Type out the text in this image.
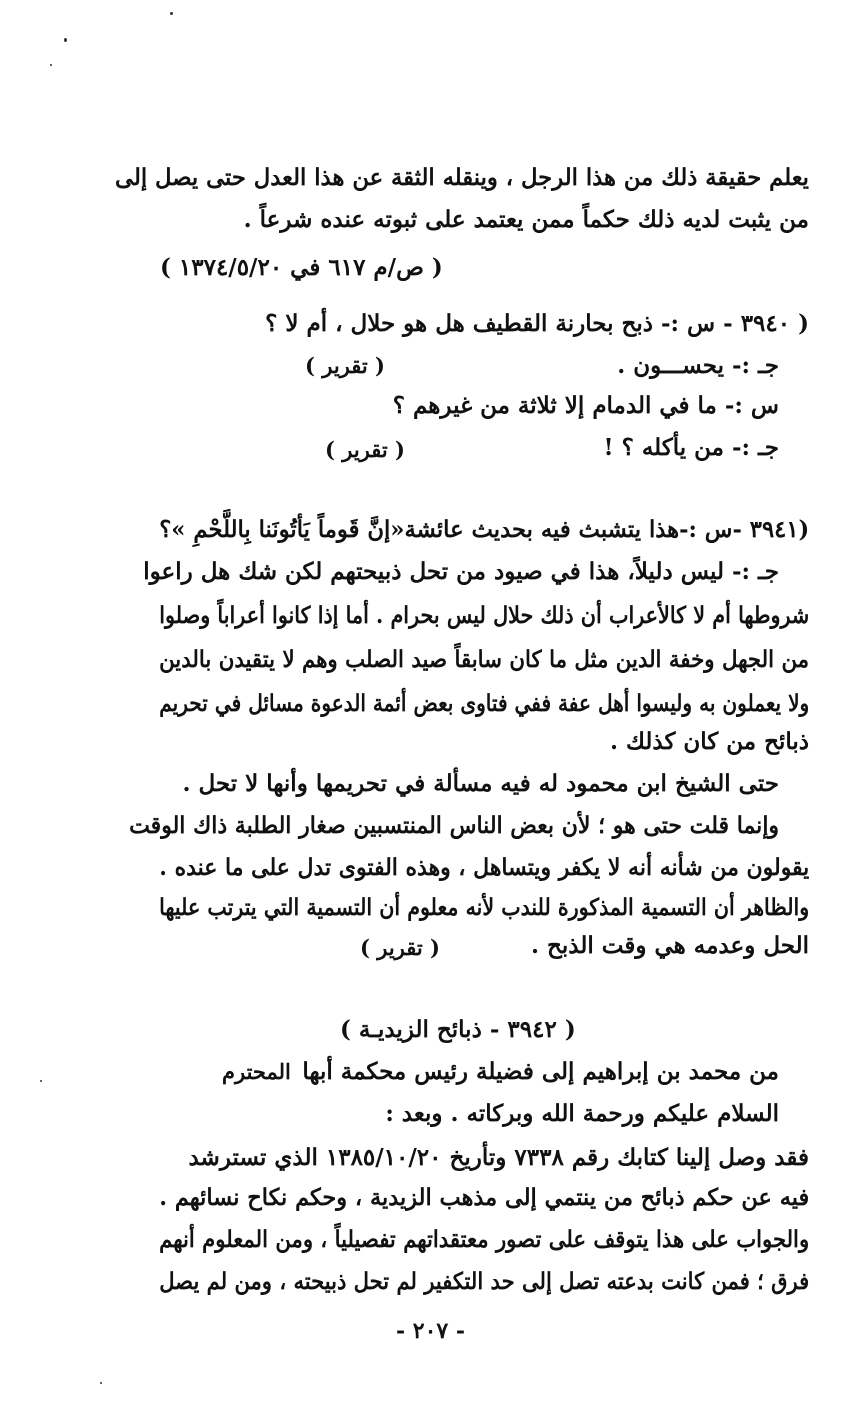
يعلم حقيقة ذلك من هذا الرجل ، وينقله الثقة عن هذا العدل حتى يصل إلى
من يثبت لديه ذلك حكماً ممن يعتمد على ثبوته عنده شرعاً .
( ص/م ٦١٧ في ١٣٧٤/٥/٢٠ )
( ٣٩٤٠ - س :- ذبح بحارنة القطيف هل هو حلال ، أم لا ؟
جـ :- يحســـون .
( تقرير )
س :- ما في الدمام إلا ثلاثة من غيرهم ؟
جـ :- من يأكله ؟ !
( تقرير )
(٣٩٤١ -س :-هذا يتشبث فيه بحديث عائشة«إنَّ قَوماً يَأتُونَنا بِاللَّحْمِ »؟
جـ :- ليس دليلاً، هذا في صيود من تحل ذبيحتهم لكن شك هل راعوا
شروطها أم لا كالأعراب أن ذلك حلال ليس بحرام . أما إذا كانوا أعراباً وصلوا
من الجهل وخفة الدين مثل ما كان سابقاً صيد الصلب وهم لا يتقيدن بالدين
ولا يعملون به وليسوا أهل عفة ففي فتاوى بعض أئمة الدعوة مسائل في تحريم
ذبائح من كان كذلك .
حتى الشيخ ابن محمود له فيه مسألة في تحريمها وأنها لا تحل .
وإنما قلت حتى هو ؛ لأن بعض الناس المنتسبين صغار الطلبة ذاك الوقت
يقولون من شأنه أنه لا يكفر ويتساهل ، وهذه الفتوى تدل على ما عنده .
والظاهر أن التسمية المذكورة للندب لأنه معلوم أن التسمية التي يترتب عليها
الحل وعدمه هي وقت الذبح .
( تقرير )
( ٣٩٤٢ - ذبائح الزيديـة )
من محمد بن إبراهيم إلى فضيلة رئيس محكمة أبها
المحترم
السلام عليكم ورحمة الله وبركاته . وبعد :
فقد وصل إلينا كتابك رقم ٧٣٣٨ وتأريخ ١٣٨٥/١٠/٢٠ الذي تسترشد
فيه عن حكم ذبائح من ينتمي إلى مذهب الزيدية ، وحكم نكاح نسائهم .
والجواب على هذا يتوقف على تصور معتقداتهم تفصيلياً ، ومن المعلوم أنهم
فرق ؛ فمن كانت بدعته تصل إلى حد التكفير لم تحل ذبيحته ، ومن لم يصل
- ٢٠٧ -
